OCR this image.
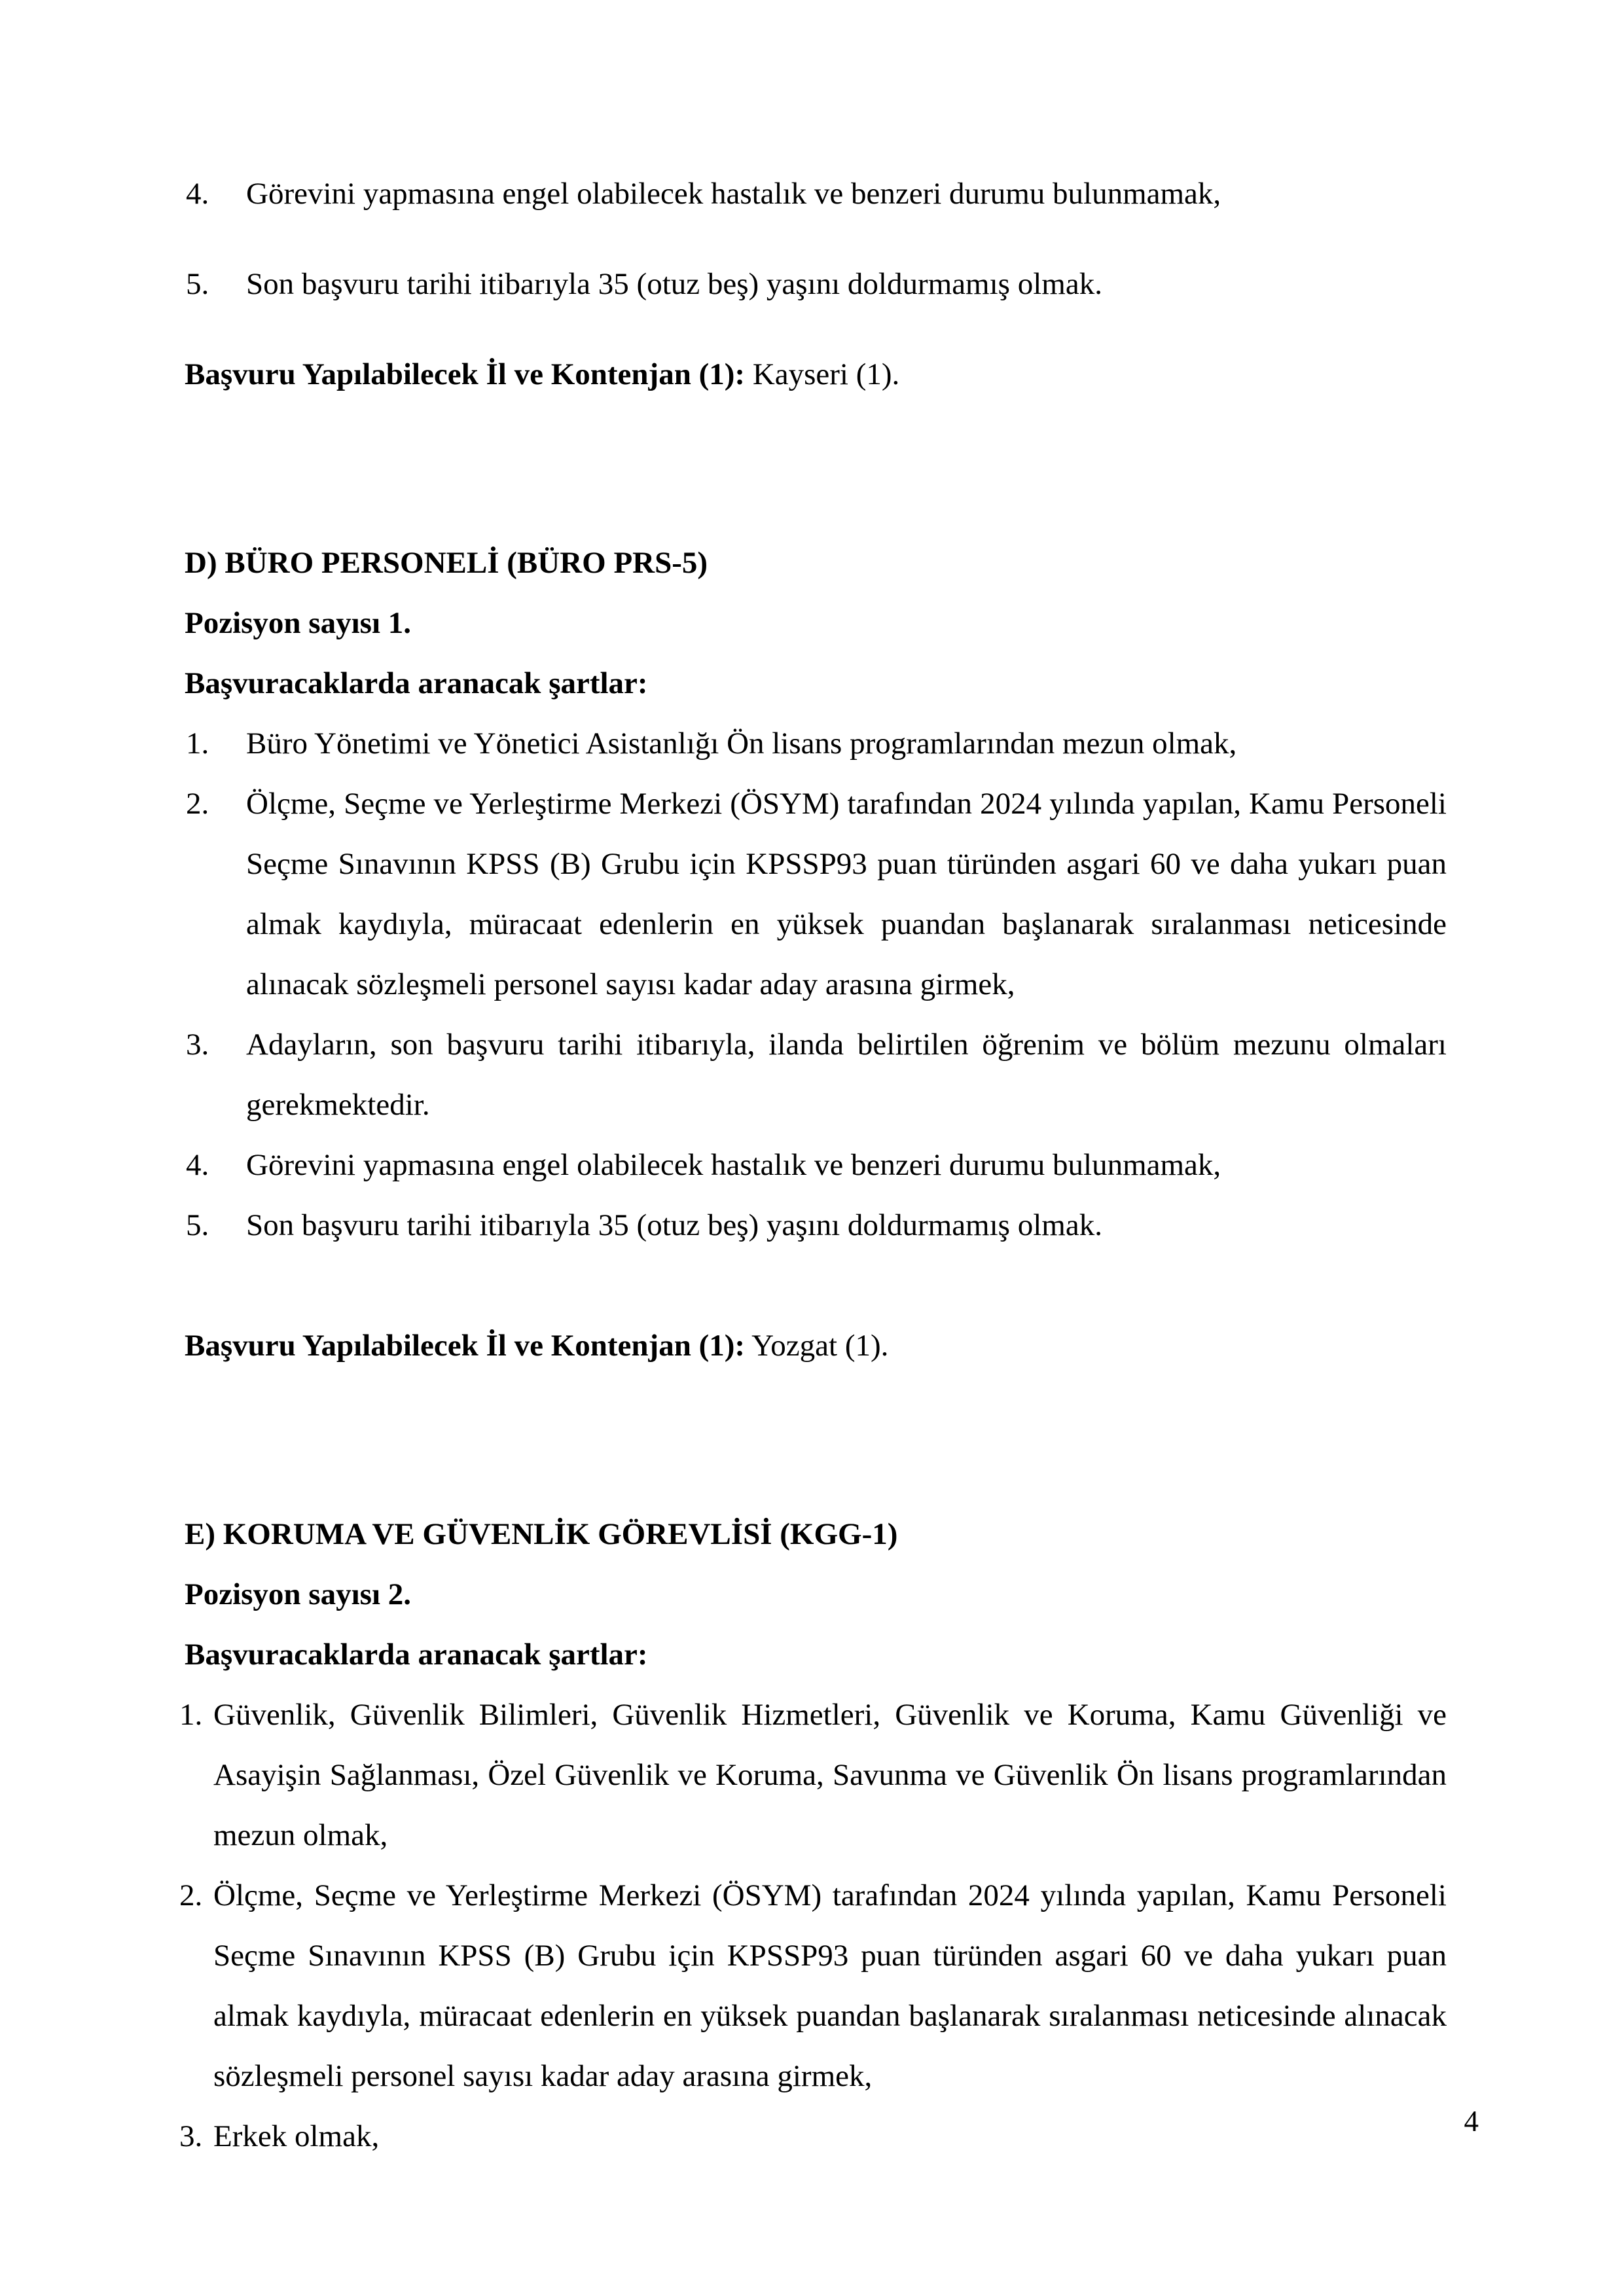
4.	Görevini yapmasına engel olabilecek hastalık ve benzeri durumu bulunmamak,
5.	Son başvuru tarihi itibarıyla 35 (otuz beş) yaşını doldurmamış olmak.

Başvuru Yapılabilecek İl ve Kontenjan (1): Kayseri (1).

D) BÜRO PERSONELİ (BÜRO PRS-5)

Pozisyon sayısı 1.

Başvuracaklarda aranacak şartlar:

1.	Büro Yönetimi ve Yönetici Asistanlığı Ön lisans programlarından mezun olmak,
2.	Ölçme, Seçme ve Yerleştirme Merkezi (ÖSYM) tarafından 2024 yılında yapılan, Kamu Personeli Seçme Sınavının KPSS (B) Grubu için KPSSP93 puan türünden asgari 60 ve daha yukarı puan almak kaydıyla, müracaat edenlerin en yüksek puandan başlanarak sıralanması neticesinde alınacak sözleşmeli personel sayısı kadar aday arasına girmek,
3.	Adayların, son başvuru tarihi itibarıyla, ilanda belirtilen öğrenim ve bölüm mezunu olmaları gerekmektedir.
4.	Görevini yapmasına engel olabilecek hastalık ve benzeri durumu bulunmamak,
5.	Son başvuru tarihi itibarıyla 35 (otuz beş) yaşını doldurmamış olmak.

Başvuru Yapılabilecek İl ve Kontenjan (1): Yozgat (1).

E) KORUMA VE GÜVENLİK GÖREVLİSİ (KGG-1)

Pozisyon sayısı 2.

Başvuracaklarda aranacak şartlar:

1. Güvenlik, Güvenlik Bilimleri, Güvenlik Hizmetleri, Güvenlik ve Koruma, Kamu Güvenliği ve Asayişin Sağlanması, Özel Güvenlik ve Koruma, Savunma ve Güvenlik Ön lisans programlarından mezun olmak,
2. Ölçme, Seçme ve Yerleştirme Merkezi (ÖSYM) tarafından 2024 yılında yapılan, Kamu Personeli Seçme Sınavının KPSS (B) Grubu için KPSSP93 puan türünden asgari 60 ve daha yukarı puan almak kaydıyla, müracaat edenlerin en yüksek puandan başlanarak sıralanması neticesinde alınacak sözleşmeli personel sayısı kadar aday arasına girmek,
3. Erkek olmak,	4
